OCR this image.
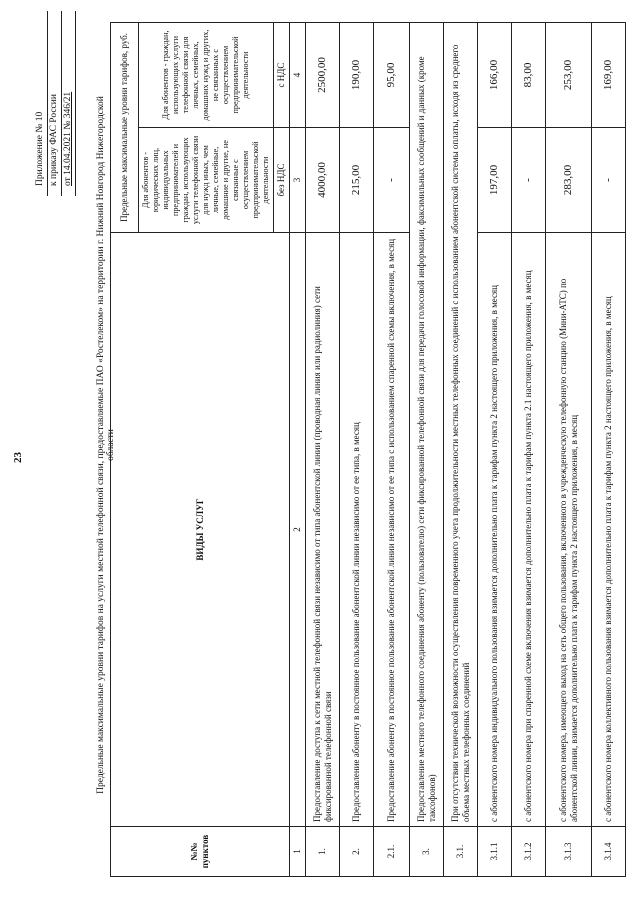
23
Приложение № 10 к приказу ФАС России от 14.04.2021 № 346/21	Предельные максимальные уровни тарифов на услуги местной телефонной связи, предоставляемые ПАО «Ростелеком» на территории г. Нижний Новгород Нижегородской области
№№ пунктов	ВИДЫ УСЛУГ	Предельные максимальные уровни тарифов, руб.	
		Для абонентов - юридических лиц, индивидуальных предпринимателей и граждан, использующих услуги телефонной связи для нужд иных, чем личные, семейные, домашние и другие, не связанные с осуществлением предпринимательской деятельности	Для абонентов - граждан, использующих услуги телефонной связи для личных, семейных, домашних нужд и других, не связанных с осуществлением предпринимательской деятельности
		без НДС	с НДС
1	2	3	4
1.	Предоставление доступа к сети местной телефонной связи независимо от типа абонентской линии (проводная линия или радиолиния) сети фиксированной телефонной связи	4000,00	2500,00
2.	Предоставление абоненту в постоянное пользование абонентской линии независимо от ее типа, в месяц	215,00	190,00
2.1.	Предоставление абоненту в постоянное пользование абонентской линии независимо от ее типа с использованием спаренной схемы включения, в месяц	-	95,00
3.	Предоставление местного телефонного соединения абоненту (пользователю) сети фиксированной телефонной связи для передачи голосовой информации, факсимильных сообщений и данных (кроме таксофонов)		
3.1.	При отсутствии технической возможности осуществления повременного учета продолжительности местных телефонных соединений с использованием абонентской системы оплаты, исходя из среднего объема местных телефонных соединений		
3.1.1	с абонентского номера индивидуального пользования взимается дополнительно плата к тарифам пункта 2 настоящего приложения, в месяц	197,00	166,00
3.1.2	с абонентского номера при спаренной схеме включения взимается дополнительно плата к тарифам пункта 2.1 настоящего приложения, в месяц	-	83,00
3.1.3	с абонентского номера, имеющего выход на сеть общего пользования, включенного в учрежденческую телефонную станцию (Мини-АТС) по абонентской линии, взимается дополнительно плата к тарифам пункта 2 настоящего приложения, в месяц	283,00	253,00
3.1.4	с абонентского номера коллективного пользования взимается дополнительно плата к тарифам пункта 2 настоящего приложения, в месяц	-	169,00
